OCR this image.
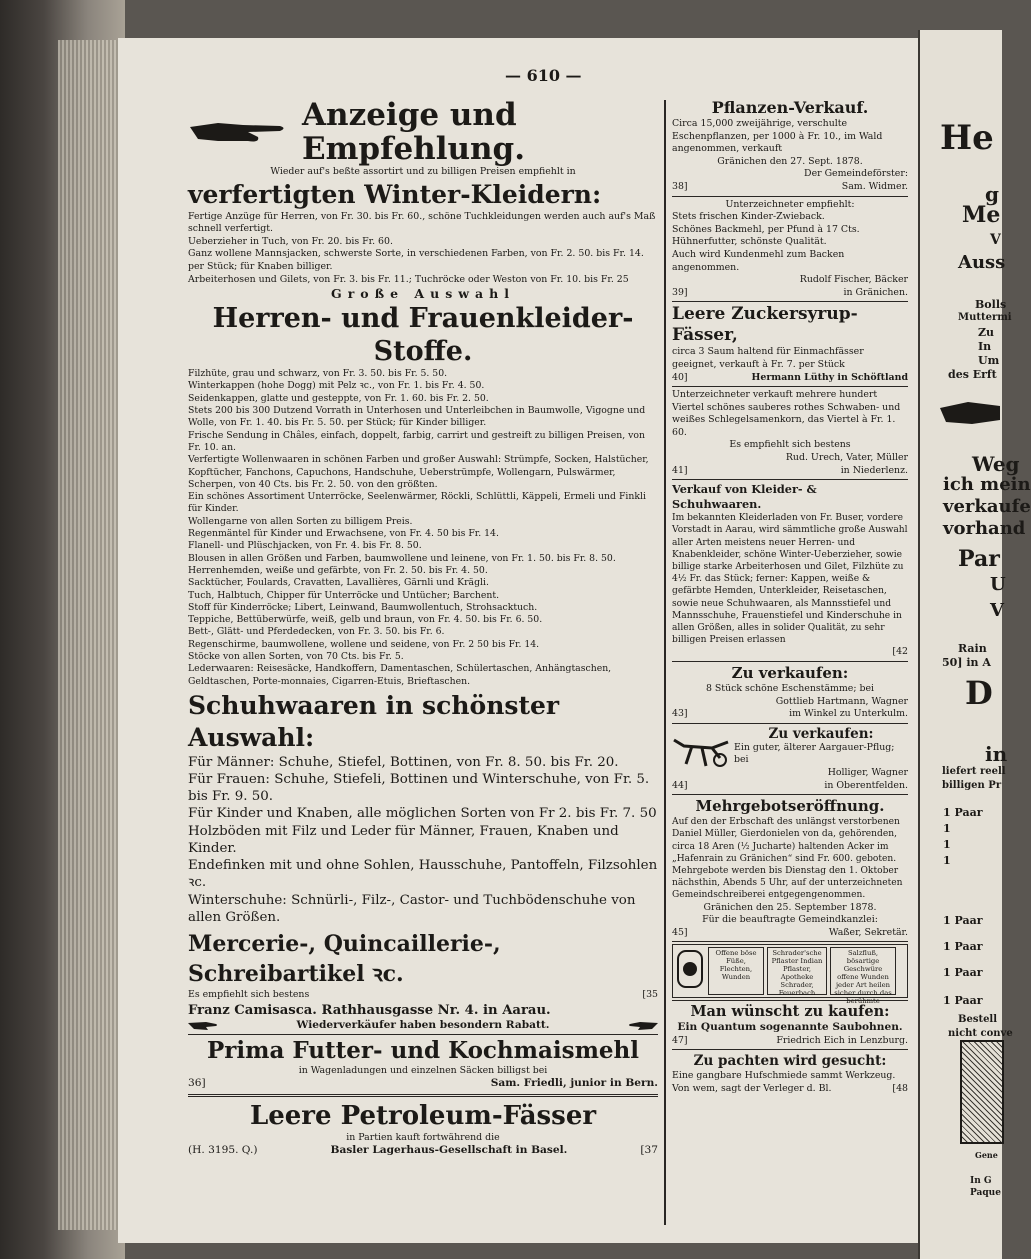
— 610 —
Anzeige und Empfehlung.
Wieder auf's beßte assortirt und zu billigen Preisen empfiehlt in
verfertigten Winter-Kleidern:
Fertige Anzüge für Herren, von Fr. 30. bis Fr. 60., schöne Tuchkleidungen werden auch auf's Maß schnell verfertigt.
Ueberzieher in Tuch, von Fr. 20. bis Fr. 60.
Ganz wollene Mannsjacken, schwerste Sorte, in verschiedenen Farben, von Fr. 2. 50. bis Fr. 14. per Stück; für Knaben billiger.
Arbeiterhosen und Gilets, von Fr. 3. bis Fr. 11.; Tuchröcke oder Weston von Fr. 10. bis Fr. 25
Große Auswahl
Herren- und Frauenkleider-Stoffe.
Filzhüte, grau und schwarz, von Fr. 3. 50. bis Fr. 5. 50.
Winterkappen (hohe Dogg) mit Pelz ꝛc., von Fr. 1. bis Fr. 4. 50.
Seidenkappen, glatte und gesteppte, von Fr. 1. 60. bis Fr. 2. 50.
Stets 200 bis 300 Dutzend Vorrath in Unterhosen und Unterleibchen in Baumwolle, Vigogne und Wolle, von Fr. 1. 40. bis Fr. 5. 50. per Stück; für Kinder billiger.
Frische Sendung in Châles, einfach, doppelt, farbig, carrirt und gestreift zu billigen Preisen, von Fr. 10. an.
Verfertigte Wollenwaaren in schönen Farben und großer Auswahl: Strümpfe, Socken, Halstücher, Kopftücher, Fanchons, Capuchons, Handschuhe, Ueberstrümpfe, Wollengarn, Pulswärmer, Scherpen, von 40 Cts. bis Fr. 2. 50. von den größten.
Ein schönes Assortiment Unterröcke, Seelenwärmer, Röckli, Schlüttli, Käppeli, Ermeli und Finkli für Kinder.
Wollengarne von allen Sorten zu billigem Preis.
Regenmäntel für Kinder und Erwachsene, von Fr. 4. 50 bis Fr. 14.
Flanell- und Plüschjacken, von Fr. 4. bis Fr. 8. 50.
Blousen in allen Größen und Farben, baumwollene und leinene, von Fr. 1. 50. bis Fr. 8. 50.
Herrenhemden, weiße und gefärbte, von Fr. 2. 50. bis Fr. 4. 50.
Sacktücher, Foulards, Cravatten, Lavallières, Gärnli und Krägli.
Tuch, Halbtuch, Chipper für Unterröcke und Untücher; Barchent.
Stoff für Kinderröcke; Libert, Leinwand, Baumwollentuch, Strohsacktuch.
Teppiche, Bettüberwürfe, weiß, gelb und braun, von Fr. 4. 50. bis Fr. 6. 50.
Bett-, Glätt- und Pferdedecken, von Fr. 3. 50. bis Fr. 6.
Regenschirme, baumwollene, wollene und seidene, von Fr. 2 50 bis Fr. 14.
Stöcke von allen Sorten, von 70 Cts. bis Fr. 5.
Lederwaaren: Reisesäcke, Handkoffern, Damentaschen, Schülertaschen, Anhängtaschen, Geldtaschen, Porte-monnaies, Cigarren-Etuis, Brieftaschen.
Schuhwaaren in schönster Auswahl:
Für Männer: Schuhe, Stiefel, Bottinen, von Fr. 8. 50. bis Fr. 20.
Für Frauen: Schuhe, Stiefeli, Bottinen und Winterschuhe, von Fr. 5. bis Fr. 9. 50.
Für Kinder und Knaben, alle möglichen Sorten von Fr 2. bis Fr. 7. 50
Holzböden mit Filz und Leder für Männer, Frauen, Knaben und Kinder.
Endefinken mit und ohne Sohlen, Hausschuhe, Pantoffeln, Filzsohlen ꝛc.
Winterschuhe: Schnürli-, Filz-, Castor- und Tuchbödenschuhe von allen Größen.
Mercerie-, Quincaillerie-, Schreibartikel ꝛc.
Es empfiehlt sich bestens	[35
Franz Camisasca. Rathhausgasse Nr. 4. in Aarau.
Wiederverkäufer haben besondern Rabatt.
Prima Futter- und Kochmaismehl
in Wagenladungen und einzelnen Säcken billigst bei
36]	Sam. Friedli, junior in Bern.
Leere Petroleum-Fässer
in Partien kauft fortwährend die
(H. 3195. Q.)	Basler Lagerhaus-Gesellschaft in Basel.	[37
Pflanzen-Verkauf.
Circa 15,000 zweijährige, verschulte Eschenpflanzen, per 1000 à Fr. 10., im Wald angenommen, verkauft
Gränichen den 27. Sept. 1878.
Der Gemeindeförster:
38]	Sam. Widmer.
Unterzeichneter empfiehlt:
Stets frischen Kinder-Zwieback.
Schönes Backmehl, per Pfund à 17 Cts.
Hühnerfutter, schönste Qualität.
Auch wird Kundenmehl zum Backen angenommen.
Rudolf Fischer, Bäcker
39]	in Gränichen.
Leere Zuckersyrup-Fässer,
circa 3 Saum haltend für Einmachfässer geeignet, verkauft à Fr. 7. per Stück
40]	Hermann Lüthy in Schöftland
Unterzeichneter verkauft mehrere hundert Viertel schönes sauberes rothes Schwaben- und weißes Schlegelsamenkorn, das Viertel à Fr. 1. 60.
Es empfiehlt sich bestens
Rud. Urech, Vater, Müller
41]	in Niederlenz.
Verkauf von Kleider- & Schuhwaaren.
Im bekannten Kleiderladen von Fr. Buser, vordere Vorstadt in Aarau, wird sämmtliche große Auswahl aller Arten meistens neuer Herren- und Knabenkleider, schöne Winter-Ueberzieher, sowie billige starke Arbeiterhosen und Gilet, Filzhüte zu 4½ Fr. das Stück; ferner: Kappen, weiße & gefärbte Hemden, Unterkleider, Reisetaschen, sowie neue Schuhwaaren, als Mannsstiefel und Mannsschuhe, Frauenstiefel und Kinderschuhe in allen Größen, alles in solider Qualität, zu sehr billigen Preisen erlassen
[42
Zu verkaufen:
8 Stück schöne Eschenstämme; bei
Gottlieb Hartmann, Wagner
43]	im Winkel zu Unterkulm.
Zu verkaufen:
Ein guter, älterer Aargauer-Pflug; bei
Holliger, Wagner
44]	in Oberentfelden.
Mehrgebotseröffnung.
Auf den der Erbschaft des unlängst verstorbenen Daniel Müller, Gierdonielen von da, gehörenden, circa 18 Aren (½ Jucharte) haltenden Acker im „Hafenrain zu Gränichen“ sind Fr. 600. geboten.
Mehrgebote werden bis Dienstag den 1. Oktober nächsthin, Abends 5 Uhr, auf der unterzeichneten Gemeindschreiberei entgegengenommen.
Gränichen den 25. September 1878.
Für die beauftragte Gemeindkanzlei:
45]	Waßer, Sekretär.
Offene böse Füße, Flechten, Wunden
Schrader'sche Pflaster Indian Pflaster, Apotheke Schrader, Feuerbach
Salzfluß, bösartige Geschwüre offene Wunden jeder Art heilen sicher durch das berühmte
Man wünscht zu kaufen:
Ein Quantum sogenannte Saubohnen.
47]	Friedrich Eich in Lenzburg.
Zu pachten wird gesucht:
Eine gangbare Hufschmiede sammt Werkzeug.
Von wem, sagt der Verleger d. Bl.	[48
He
g
Me
V
Auss
Bolls
Muttermi
Zu
In
Um
des Erft
Weg
ich mein
verkaufe
vorhand
Par
U
V
Rain
50] in A
D
in
liefert reell
billigen Pr
1 Paar
1 Paar
1
1
1
1 Paar
1 Paar
1 Paar
Bestell
nicht conve
Gene
In G
Paque
